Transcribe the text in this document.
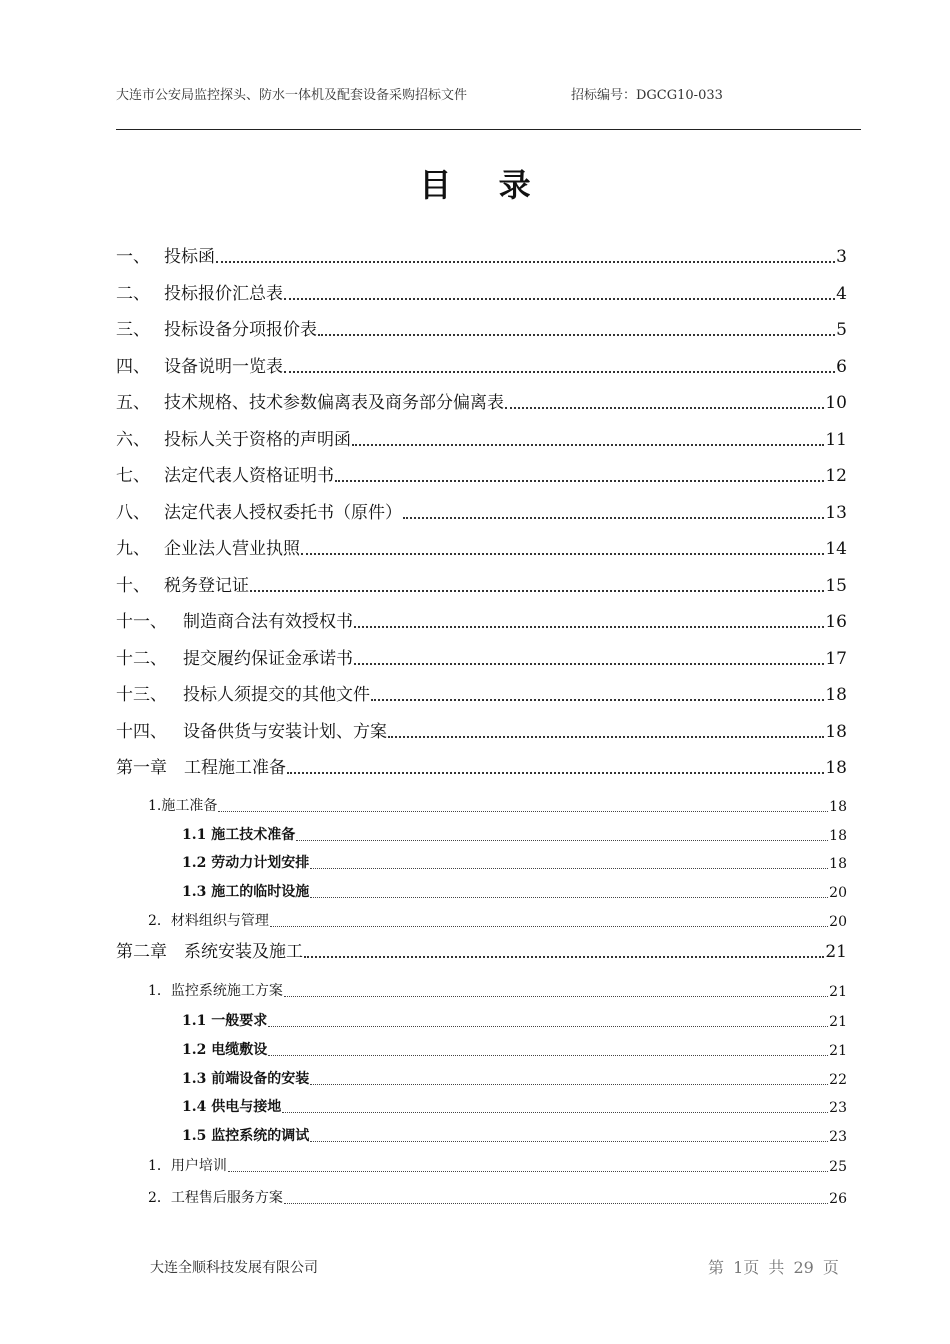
大连市公安局监控探头、防水一体机及配套设备采购招标文件	招标编号：DGCG10-033
目 录
一、 投标函	3
二、 投标报价汇总表	4
三、 投标设备分项报价表	5
四、 设备说明一览表	6
五、 技术规格、技术参数偏离表及商务部分偏离表	10
六、 投标人关于资格的声明函	11
七、 法定代表人资格证明书	12
八、 法定代表人授权委托书（原件）	13
九、 企业法人营业执照	14
十、 税务登记证	15
十一、 制造商合法有效授权书	16
十二、 提交履约保证金承诺书	17
十三、 投标人须提交的其他文件	18
十四、 设备供货与安装计划、方案	18
第一章	工程施工准备	18
1.施工准备	18
1.1 施工技术准备	18
1.2 劳动力计划安排	18
1.3 施工的临时设施	20
2．材料组织与管理	20
第二章	系统安装及施工	21
1．监控系统施工方案	21
1.1 一般要求	21
1.2 电缆敷设	21
1.3 前端设备的安装	22
1.4 供电与接地	23
1.5 监控系统的调试	23
1．用户培训	25
2．工程售后服务方案	26
大连全顺科技发展有限公司	第 1页 共 29 页
